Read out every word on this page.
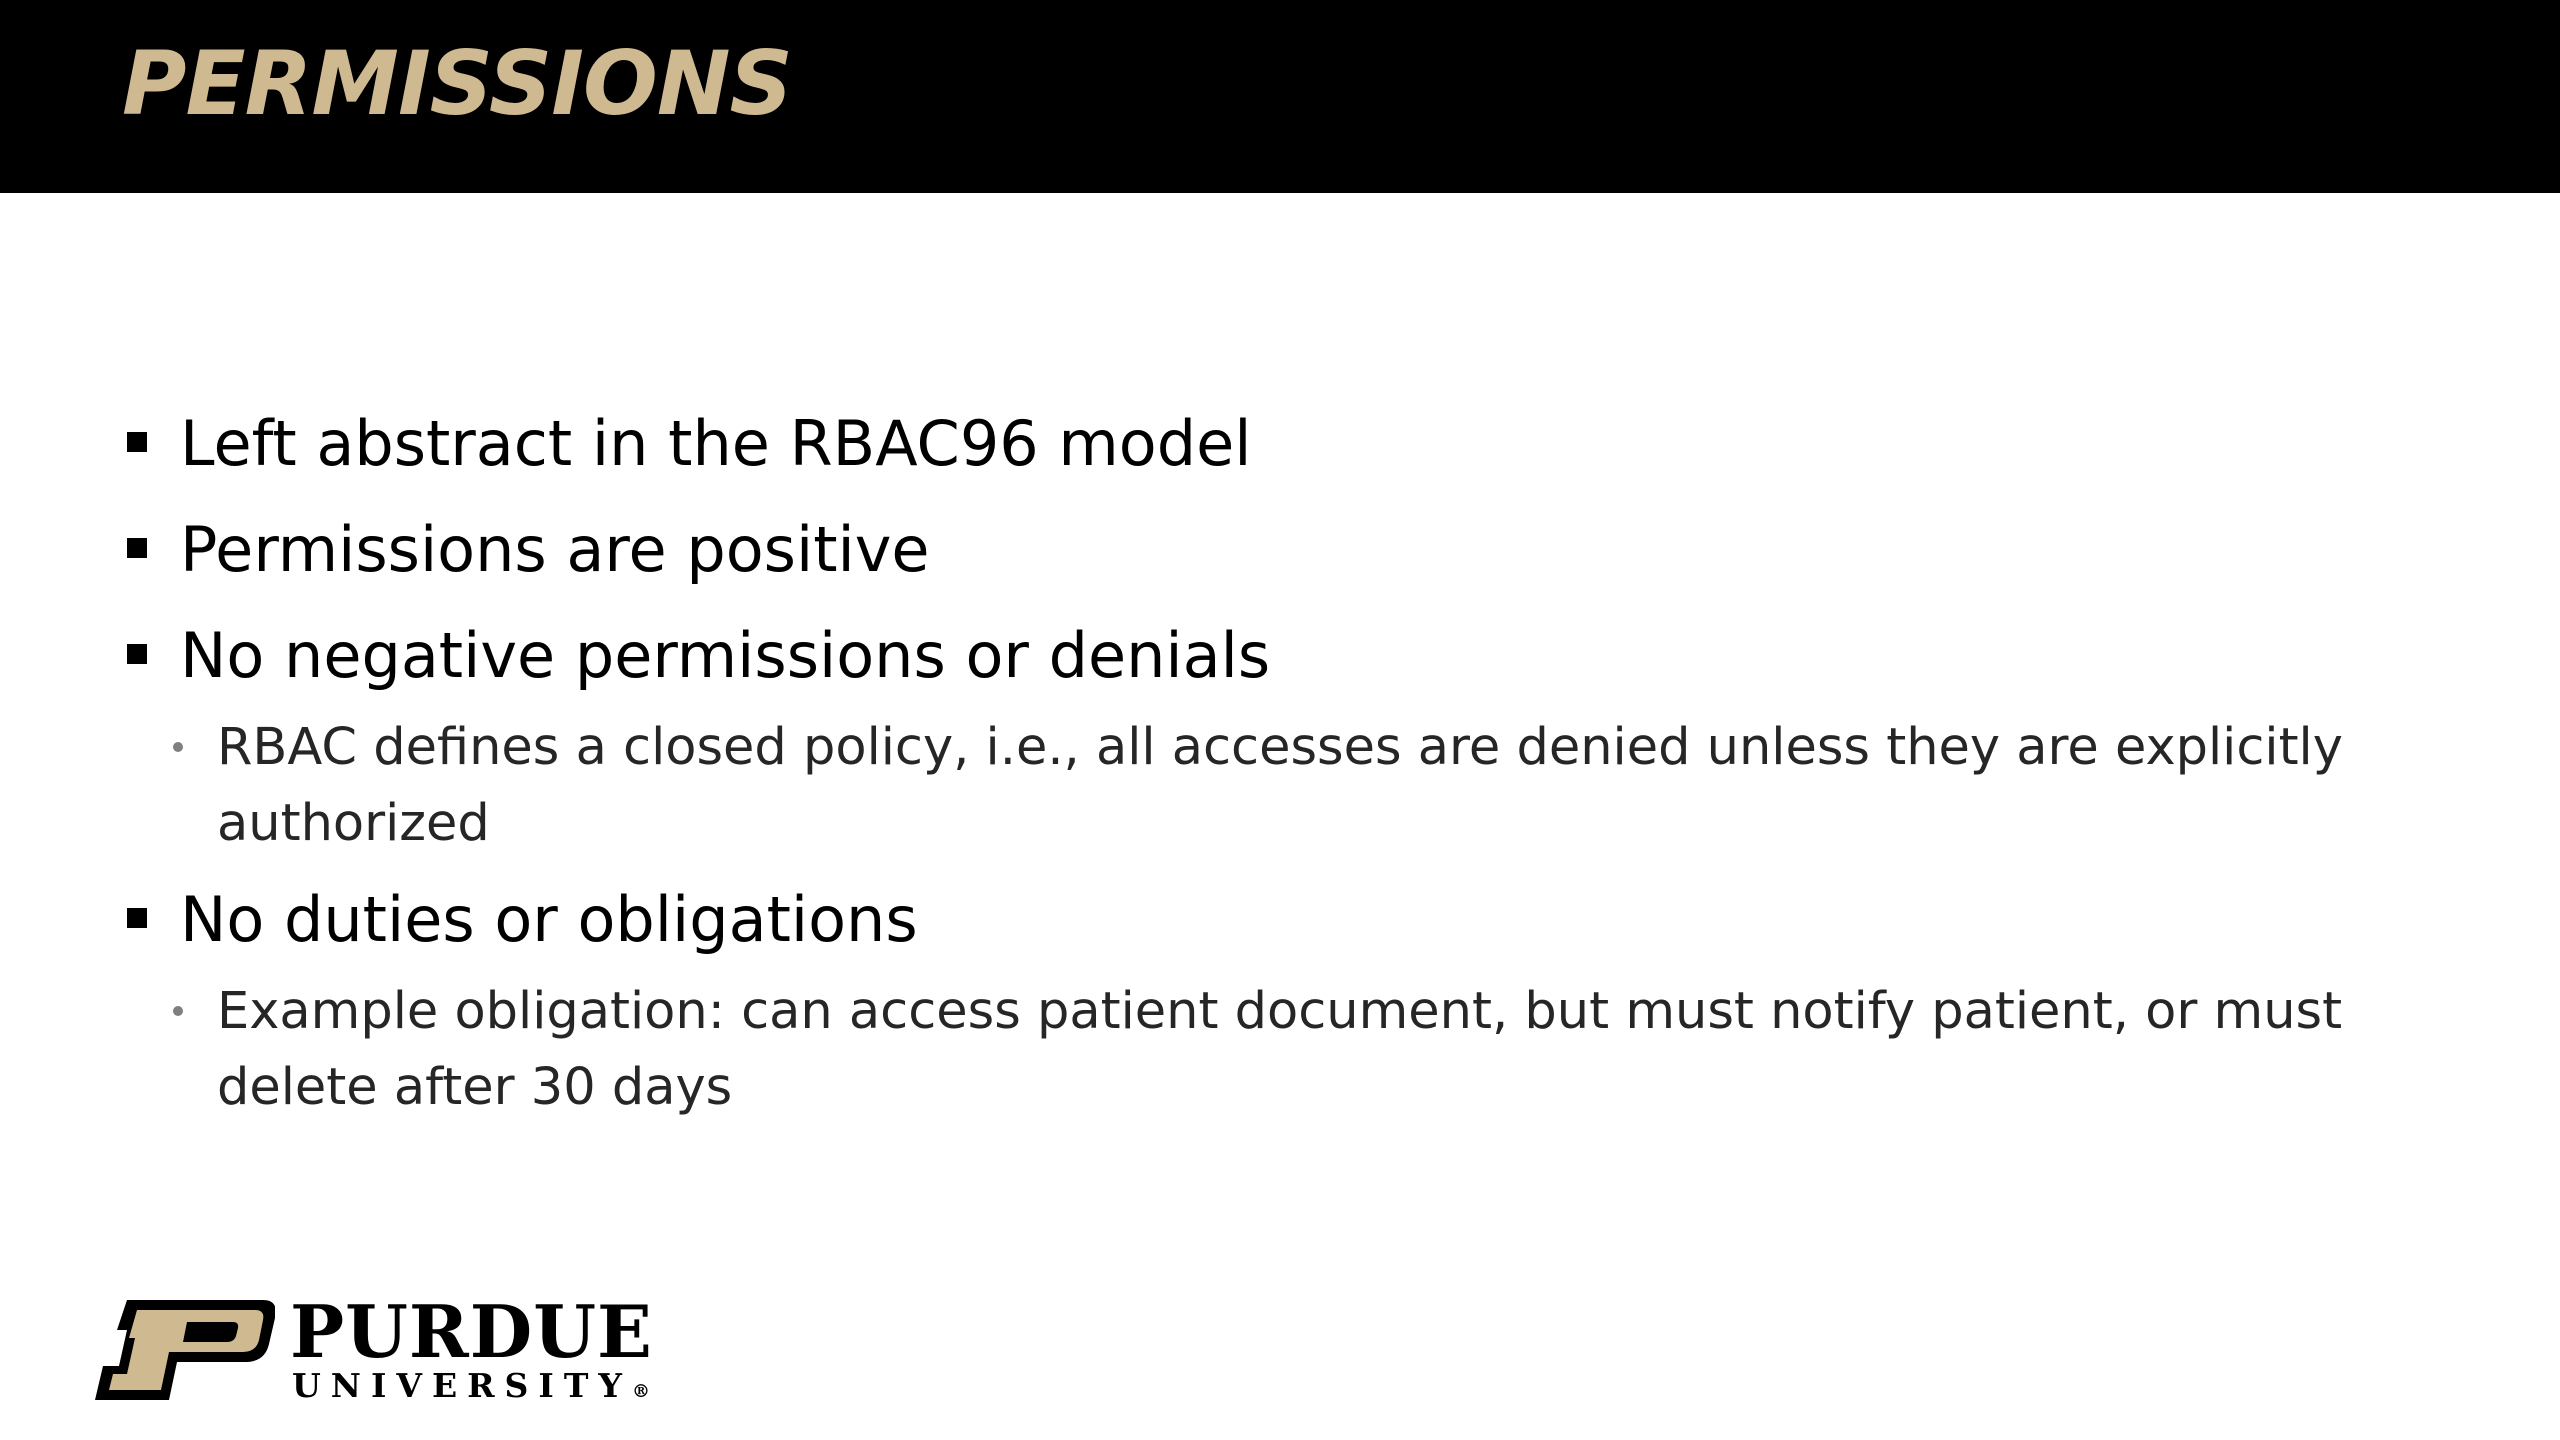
PERMISSIONS
Left abstract in the RBAC96 model
Permissions are positive
No negative permissions or denials
RBAC defines a closed policy, i.e., all accesses are denied unless they are explicitly authorized
No duties or obligations
Example obligation: can access patient document, but must notify patient, or must delete after 30 days
PURDUE
UNIVERSITY®
